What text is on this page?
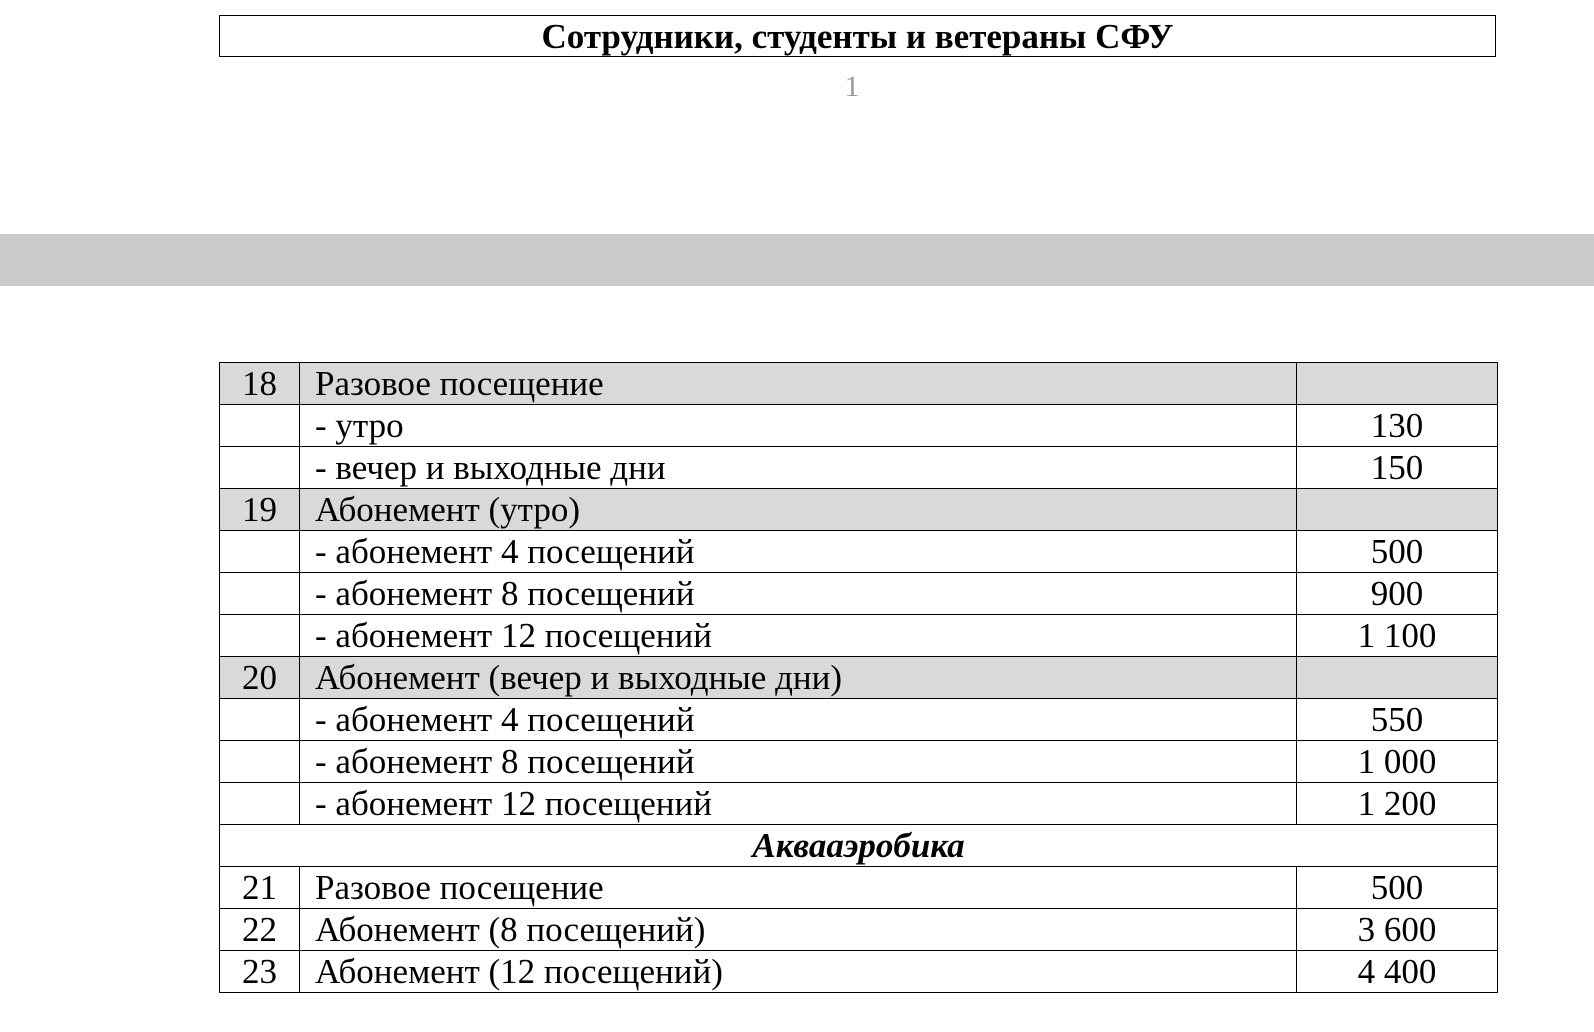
Сотрудники, студенты и ветераны СФУ
1
18	Разовое посещение	
	- утро	130
	- вечер и выходные дни	150
19	Абонемент (утро)	
	- абонемент 4 посещений	500
	- абонемент 8 посещений	900
	- абонемент 12 посещений	1 100
20	Абонемент (вечер и выходные дни)	
	- абонемент 4 посещений	550
	- абонемент 8 посещений	1 000
	- абонемент 12 посещений	1 200
Аквааэробика		
21	Разовое посещение	500
22	Абонемент (8 посещений)	3 600
23	Абонемент (12 посещений)	4 400
